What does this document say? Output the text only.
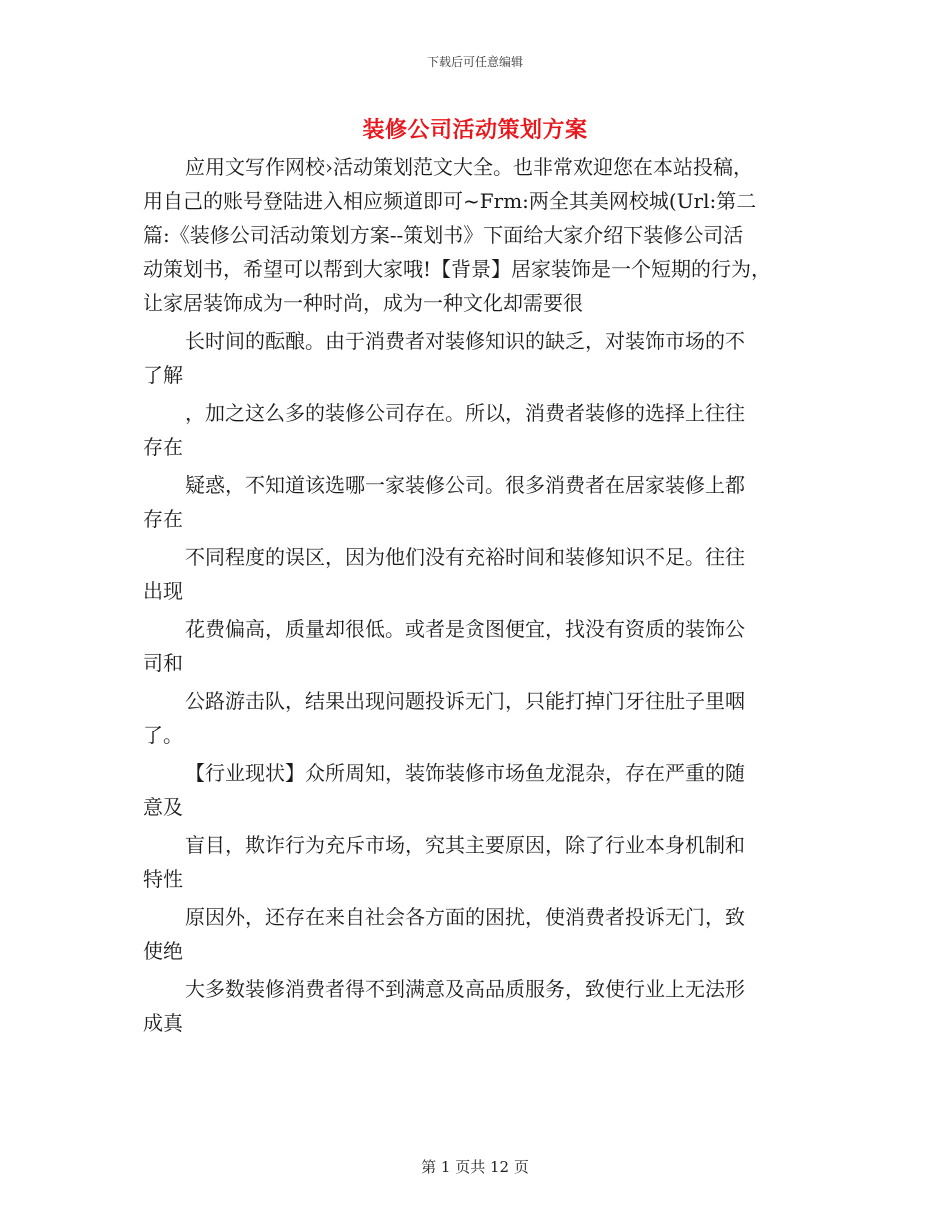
下载后可任意编辑
装修公司活动策划方案
应用文写作网校›活动策划范文大全。也非常欢迎您在本站投稿，
用自己的账号登陆进入相应频道即可~Frm:两全其美网校城(Url:第二
篇:《装修公司活动策划方案--策划书》下面给大家介绍下装修公司活
动策划书，希望可以帮到大家哦!【背景】居家装饰是一个短期的行为，
让家居装饰成为一种时尚，成为一种文化却需要很
长时间的酝酿。由于消费者对装修知识的缺乏，对装饰市场的不
了解
，加之这么多的装修公司存在。所以，消费者装修的选择上往往
存在
疑惑，不知道该选哪一家装修公司。很多消费者在居家装修上都
存在
不同程度的误区，因为他们没有充裕时间和装修知识不足。往往
出现
花费偏高，质量却很低。或者是贪图便宜，找没有资质的装饰公
司和
公路游击队，结果出现问题投诉无门，只能打掉门牙往肚子里咽
了。
【行业现状】众所周知，装饰装修市场鱼龙混杂，存在严重的随
意及
盲目，欺诈行为充斥市场，究其主要原因，除了行业本身机制和
特性
原因外，还存在来自社会各方面的困扰，使消费者投诉无门，致
使绝
大多数装修消费者得不到满意及高品质服务，致使行业上无法形
成真
第 1 页共 12 页
